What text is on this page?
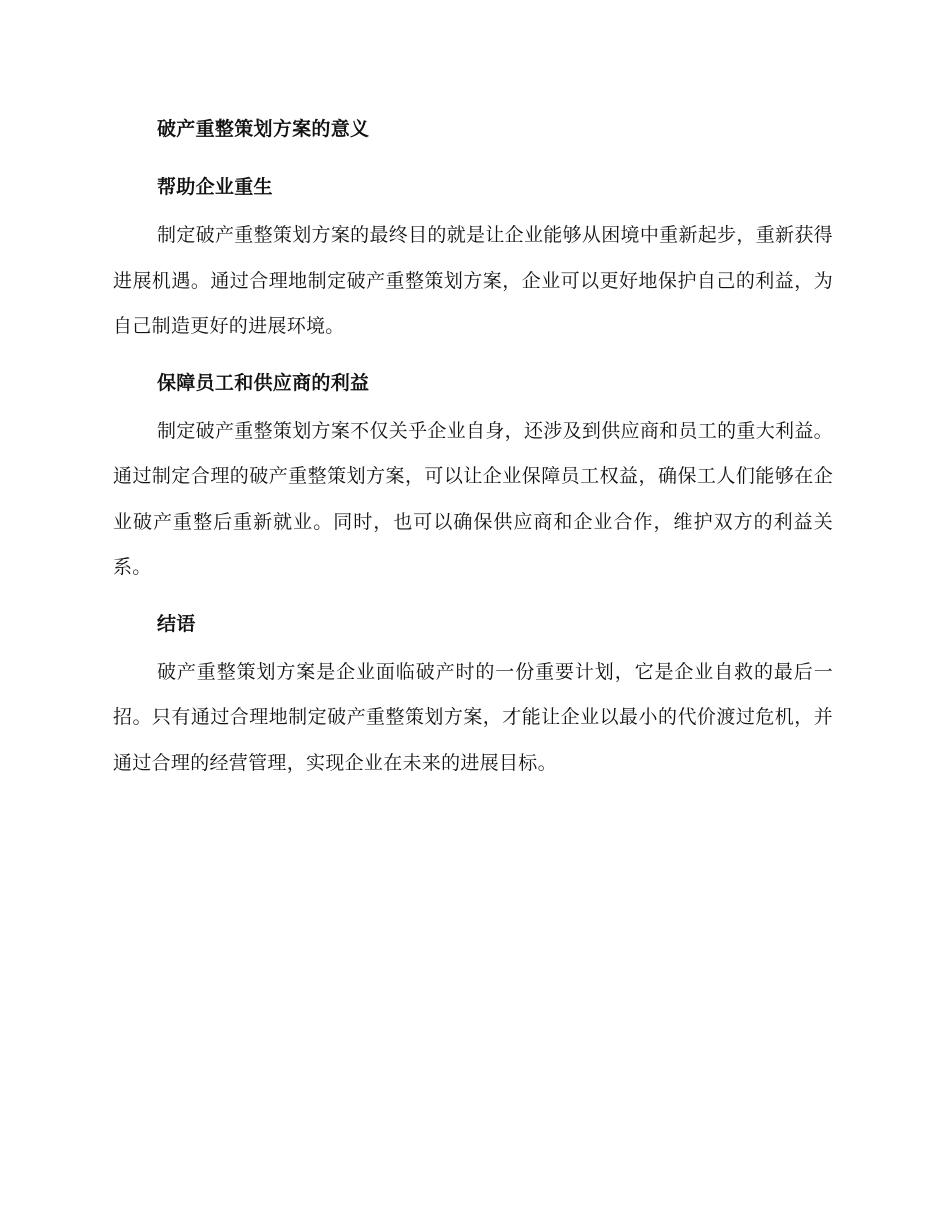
破产重整策划方案的意义
帮助企业重生

制定破产重整策划方案的最终目的就是让企业能够从困境中重新起步，重新获得进展机遇。通过合理地制定破产重整策划方案，企业可以更好地保护自己的利益，为自己制造更好的进展环境。

保障员工和供应商的利益

制定破产重整策划方案不仅关乎企业自身，还涉及到供应商和员工的重大利益。通过制定合理的破产重整策划方案，可以让企业保障员工权益，确保工人们能够在企业破产重整后重新就业。同时，也可以确保供应商和企业合作，维护双方的利益关系。

结语

破产重整策划方案是企业面临破产时的一份重要计划，它是企业自救的最后一招。只有通过合理地制定破产重整策划方案，才能让企业以最小的代价渡过危机，并通过合理的经营管理，实现企业在未来的进展目标。
